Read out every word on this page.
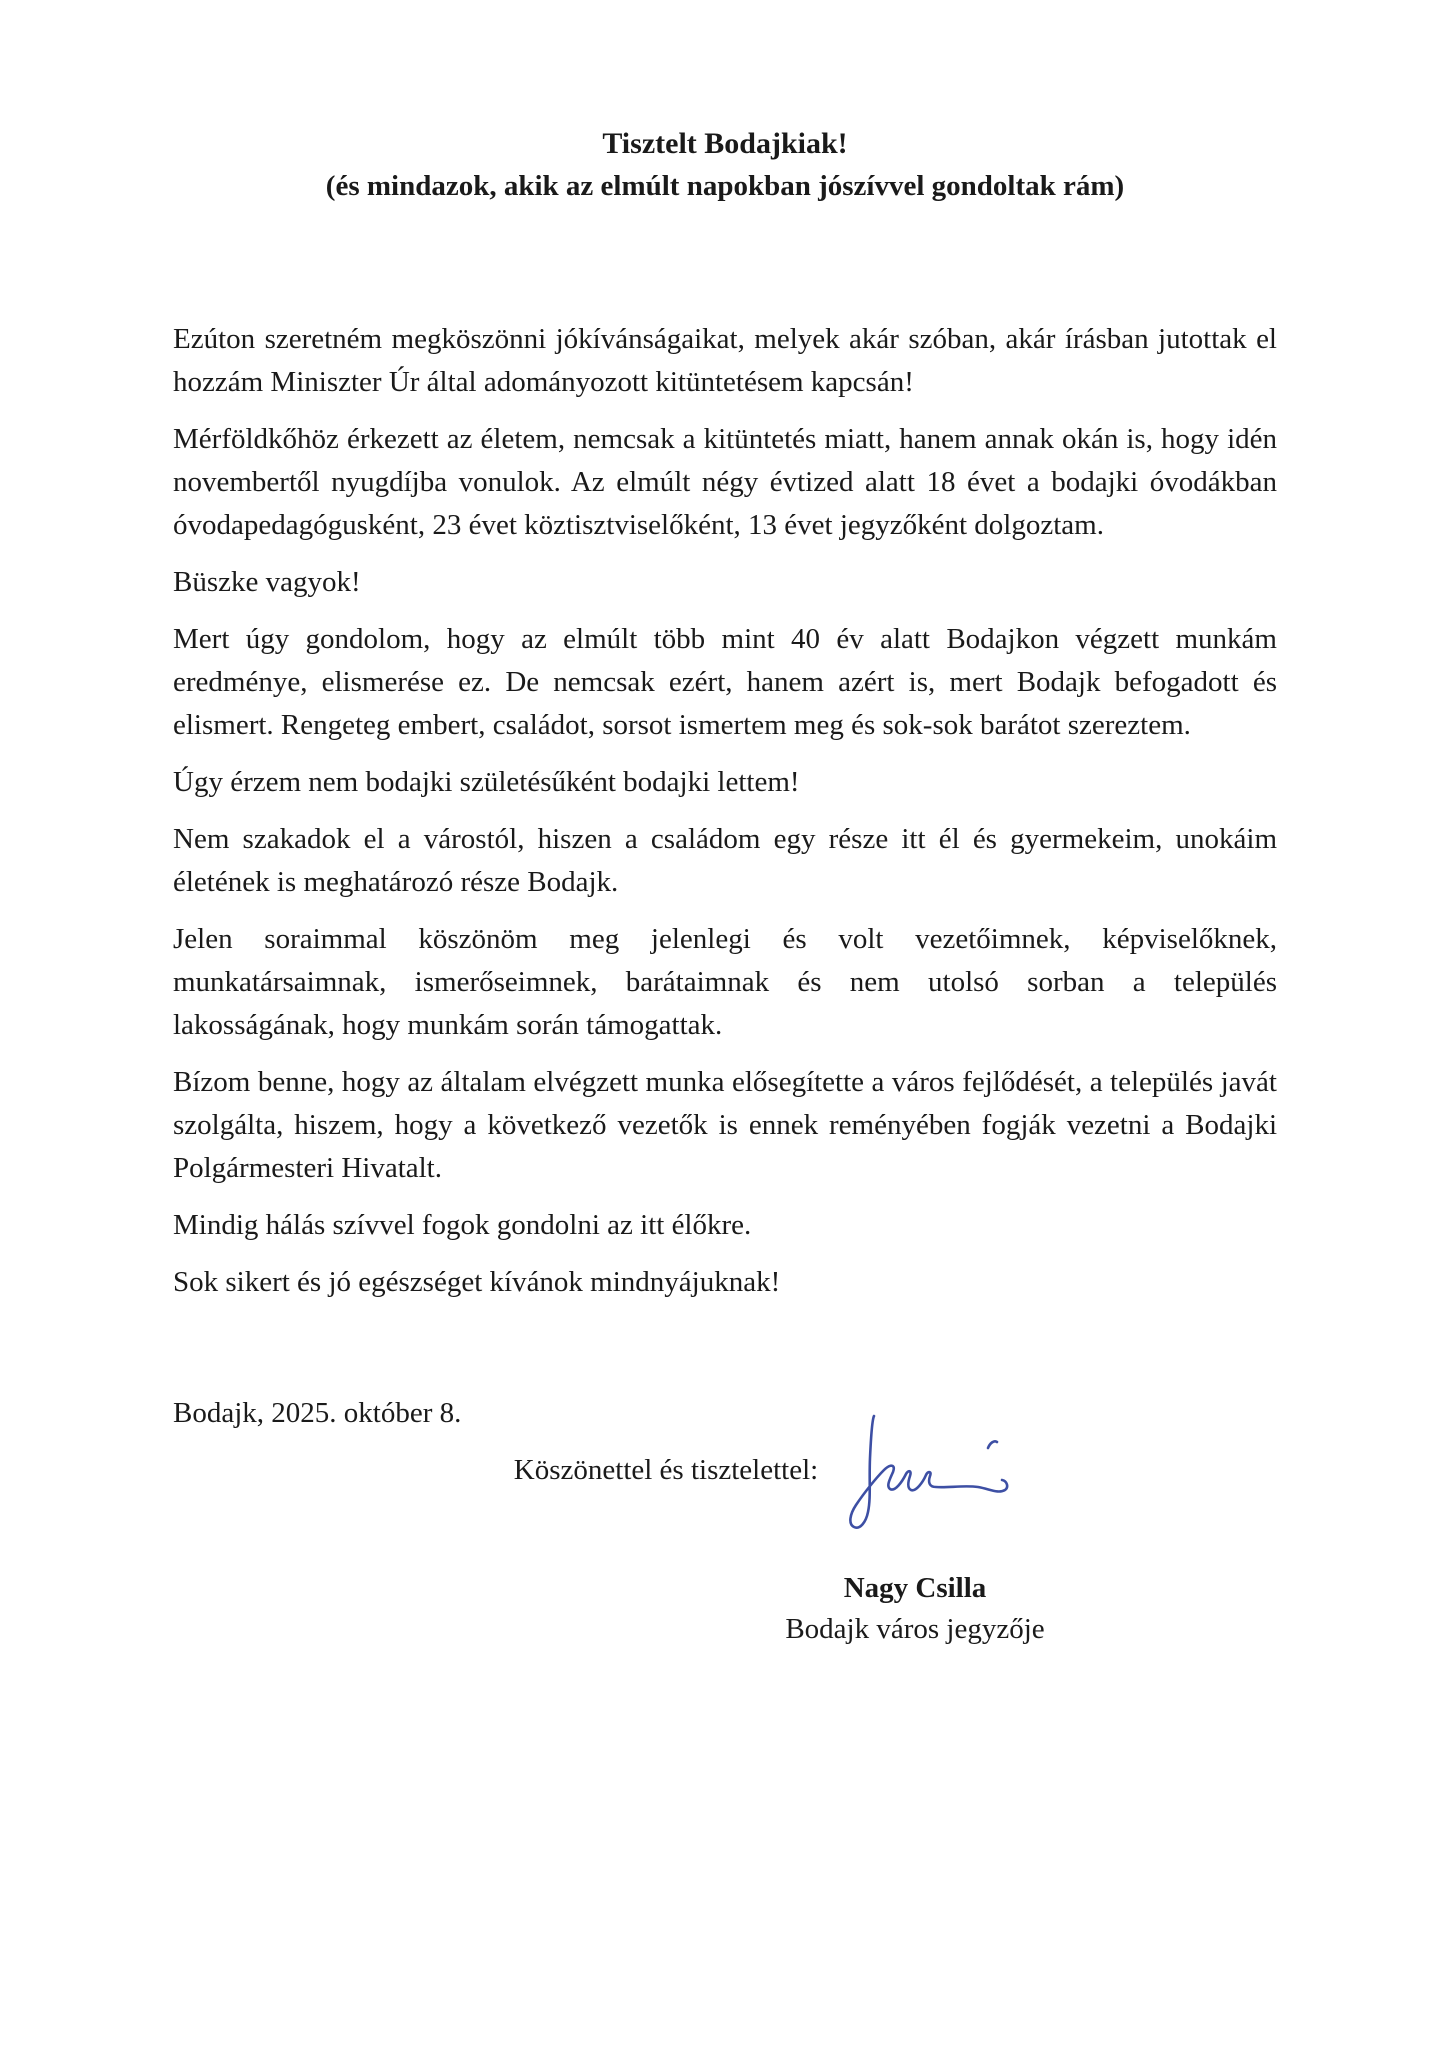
Tisztelt Bodajkiak!
(és mindazok, akik az elmúlt napokban jószívvel gondoltak rám)

Ezúton szeretném megköszönni jókívánságaikat, melyek akár szóban, akár írásban jutottak el hozzám Miniszter Úr által adományozott kitüntetésem kapcsán!

Mérföldkőhöz érkezett az életem, nemcsak a kitüntetés miatt, hanem annak okán is, hogy idén novembertől nyugdíjba vonulok. Az elmúlt négy évtized alatt 18 évet a bodajki óvodákban óvodapedagógusként, 23 évet köztisztviselőként, 13 évet jegyzőként dolgoztam.

Büszke vagyok!

Mert úgy gondolom, hogy az elmúlt több mint 40 év alatt Bodajkon végzett munkám eredménye, elismerése ez. De nemcsak ezért, hanem azért is, mert Bodajk befogadott és elismert. Rengeteg embert, családot, sorsot ismertem meg és sok-sok barátot szereztem.

Úgy érzem nem bodajki születésűként bodajki lettem!

Nem szakadok el a várostól, hiszen a családom egy része itt él és gyermekeim, unokáim életének is meghatározó része Bodajk.

Jelen soraimmal köszönöm meg jelenlegi és volt vezetőimnek, képviselőknek, munkatársaimnak, ismerőseimnek, barátaimnak és nem utolsó sorban a település lakosságának, hogy munkám során támogattak.

Bízom benne, hogy az általam elvégzett munka elősegítette a város fejlődését, a település javát szolgálta, hiszem, hogy a következő vezetők is ennek reményében fogják vezetni a Bodajki Polgármesteri Hivatalt.

Mindig hálás szívvel fogok gondolni az itt élőkre.

Sok sikert és jó egészséget kívánok mindnyájuknak!

Bodajk, 2025. október 8.

Köszönettel és tisztelettel:

Nagy Csilla
Bodajk város jegyzője
